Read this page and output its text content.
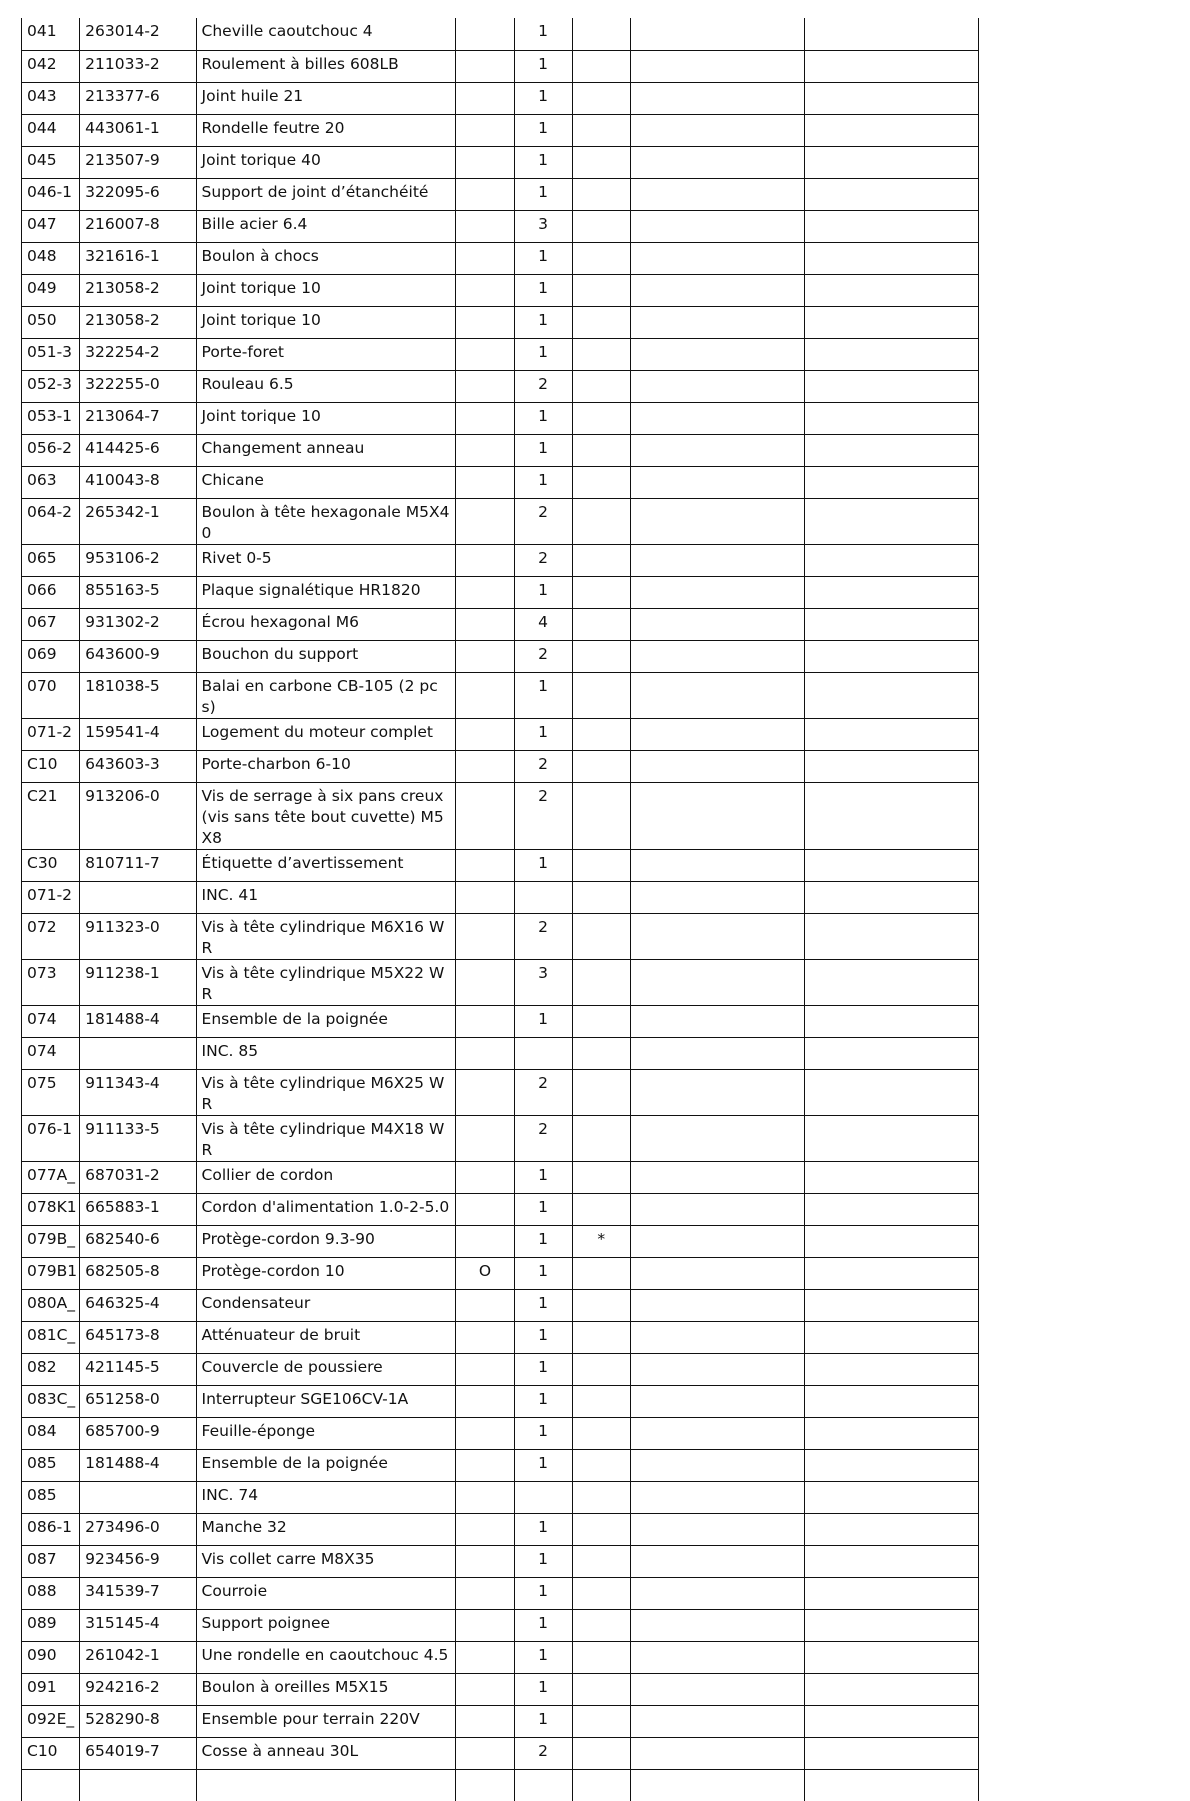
041	263014-2	Cheville caoutchouc 4		1			
042	211033-2	Roulement à billes 608LB		1			
043	213377-6	Joint huile 21		1			
044	443061-1	Rondelle feutre 20		1			
045	213507-9	Joint torique 40		1			
046-1	322095-6	Support de joint d’étanchéité		1			
047	216007-8	Bille acier 6.4		3			
048	321616-1	Boulon à chocs		1			
049	213058-2	Joint torique 10		1			
050	213058-2	Joint torique 10		1			
051-3	322254-2	Porte-foret		1			
052-3	322255-0	Rouleau 6.5		2			
053-1	213064-7	Joint torique 10		1			
056-2	414425-6	Changement anneau		1			
063	410043-8	Chicane		1			
064-2	265342-1	Boulon à tête hexagonale M5X40		2			
065	953106-2	Rivet 0-5		2			
066	855163-5	Plaque signalétique HR1820		1			
067	931302-2	Écrou hexagonal M6		4			
069	643600-9	Bouchon du support		2			
070	181038-5	Balai en carbone CB-105 (2 pcs)		1			
071-2	159541-4	Logement du moteur complet		1			
C10	643603-3	Porte-charbon 6-10		2			
C21	913206-0	Vis de serrage à six pans creux (vis sans tête bout cuvette) M5X8		2			
C30	810711-7	Étiquette d’avertissement		1			
071-2		INC. 41					
072	911323-0	Vis à tête cylindrique M6X16 WR		2			
073	911238-1	Vis à tête cylindrique M5X22 WR		3			
074	181488-4	Ensemble de la poignée		1			
074		INC. 85					
075	911343-4	Vis à tête cylindrique M6X25 WR		2			
076-1	911133-5	Vis à tête cylindrique M4X18 WR		2			
077A_	687031-2	Collier de cordon		1			
078K1	665883-1	Cordon d'alimentation 1.0-2-5.0		1			
079B_	682540-6	Protège-cordon 9.3-90		1	*		
079B1	682505-8	Protège-cordon 10	O	1			
080A_	646325-4	Condensateur		1			
081C_	645173-8	Atténuateur de bruit		1			
082	421145-5	Couvercle de poussiere		1			
083C_	651258-0	Interrupteur SGE106CV-1A		1			
084	685700-9	Feuille-éponge		1			
085	181488-4	Ensemble de la poignée		1			
085		INC. 74					
086-1	273496-0	Manche 32		1			
087	923456-9	Vis collet carre M8X35		1			
088	341539-7	Courroie		1			
089	315145-4	Support poignee		1			
090	261042-1	Une rondelle en caoutchouc 4.5		1			
091	924216-2	Boulon à oreilles M5X15		1			
092E_	528290-8	Ensemble pour terrain 220V		1			
C10	654019-7	Cosse à anneau 30L		2			
